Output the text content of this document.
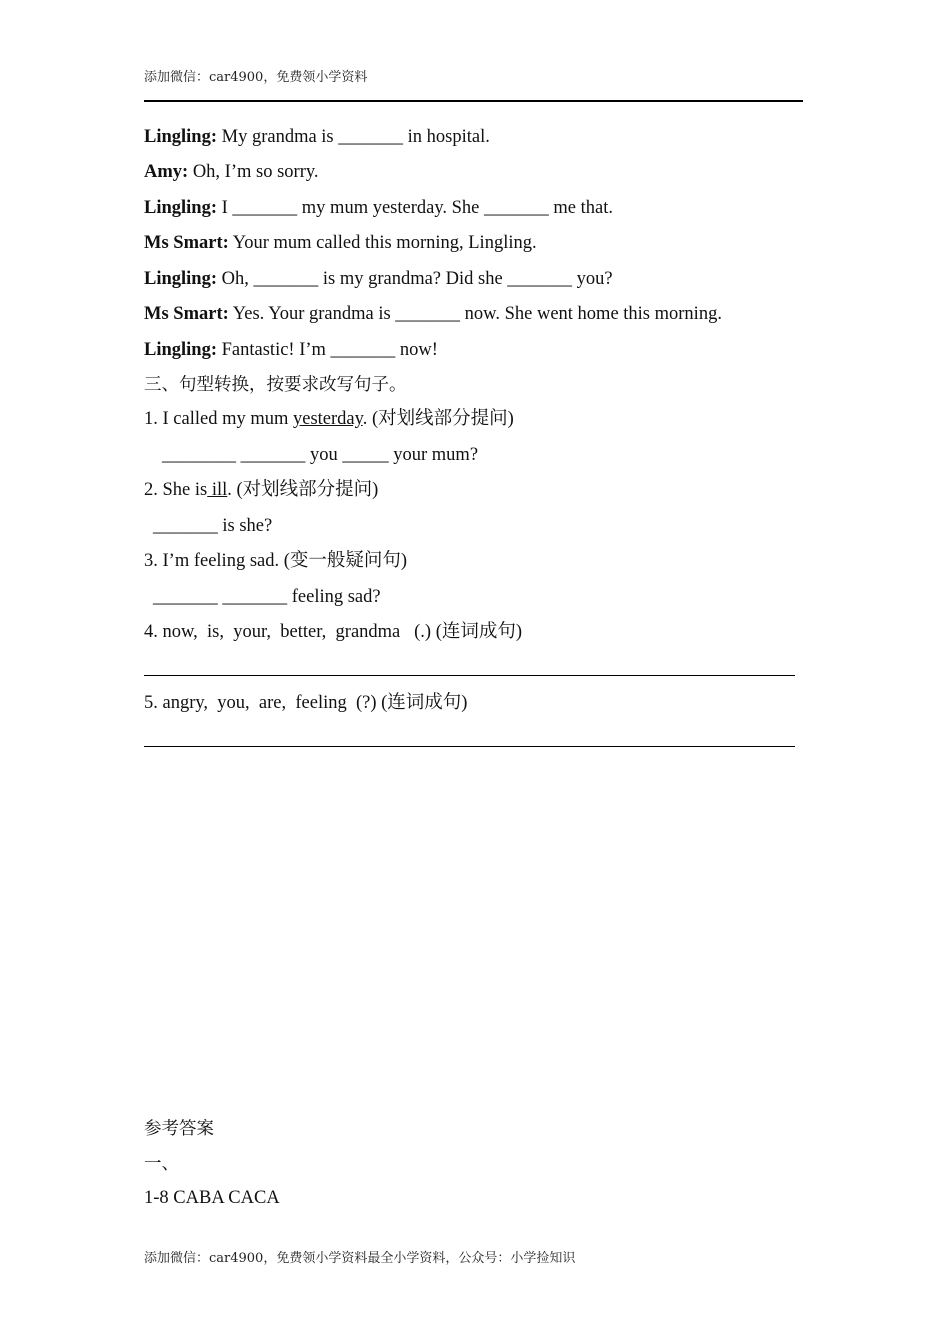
添加微信：car4900，免费领小学资料
Lingling: My grandma is _______ in hospital.
Amy: Oh, I’m so sorry.
Lingling: I _______ my mum yesterday. She _______ me that.
Ms Smart: Your mum called this morning, Lingling.
Lingling: Oh, _______ is my grandma? Did she _______ you?
Ms Smart: Yes. Your grandma is _______ now. She went home this morning.
Lingling: Fantastic! I’m _______ now!
三、句型转换，按要求改写句子。
1. I called my mum yesterday. (对划线部分提问)
________ _______ you _____ your mum?
2. She is ill. (对划线部分提问)
_______ is she?
3. I’m feeling sad. (变一般疑问句)
_______ _______ feeling sad?
4. now,  is,  your,  better,  grandma   (.) (连词成句)
5. angry,  you,  are,  feeling  (?) (连词成句)
参考答案
一、
1-8 CABA CACA
添加微信：car4900，免费领小学资料最全小学资料，公众号：小学捡知识
